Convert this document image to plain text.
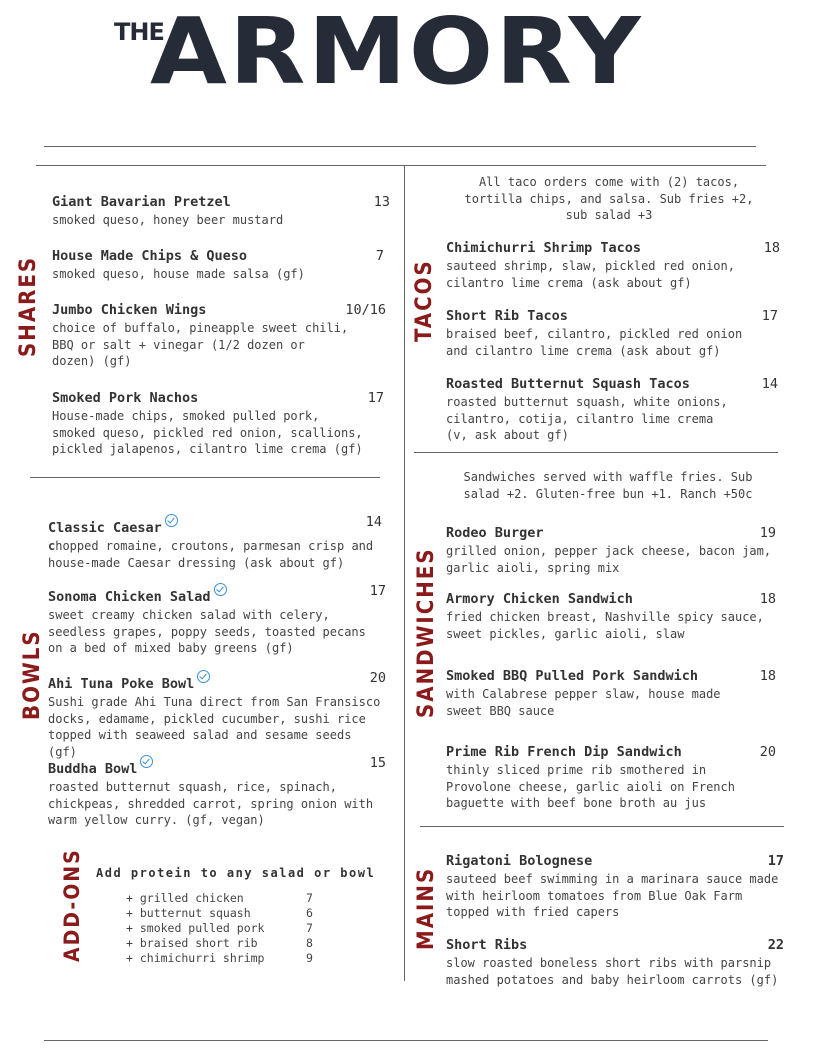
THE
ARMORY
SHARES
Giant Bavarian Pretzel	13
smoked queso, honey beer mustard
House Made Chips & Queso	7
smoked queso, house made salsa (gf)
Jumbo Chicken Wings	10/16
choice of buffalo, pineapple sweet chili, BBQ or salt + vinegar (1/2 dozen or dozen) (gf)
Smoked Pork Nachos	17
House-made chips, smoked pulled pork, smoked queso, pickled red onion, scallions, pickled jalapenos, cilantro lime crema (gf)
BOWLS
Classic Caesar	14
chopped romaine, croutons, parmesan crisp and house-made Caesar dressing (ask about gf)
Sonoma Chicken Salad	17
sweet creamy chicken salad with celery, seedless grapes, poppy seeds, toasted pecans on a bed of mixed baby greens (gf)
Ahi Tuna Poke Bowl	20
Sushi grade Ahi Tuna direct from San Fransisco docks, edamame, pickled cucumber, sushi rice topped with seaweed salad and sesame seeds (gf)
Buddha Bowl	15
roasted butternut squash, rice, spinach, chickpeas, shredded carrot, spring onion with warm yellow curry. (gf, vegan)
ADD-ONS Add protein to any salad or bowl
+ grilled chicken	7
+ butternut squash	6
+ smoked pulled pork	7
+ braised short rib	8
+ chimichurri shrimp	9
All taco orders come with (2) tacos, tortilla chips, and salsa. Sub fries +2, sub salad +3
TACOS
Chimichurri Shrimp Tacos	18
sauteed shrimp, slaw, pickled red onion, cilantro lime crema (ask about gf)
Short Rib Tacos	17
braised beef, cilantro, pickled red onion and cilantro lime crema (ask about gf)
Roasted Butternut Squash Tacos	14
roasted butternut squash, white onions, cilantro, cotija, cilantro lime crema (v, ask about gf)
Sandwiches served with waffle fries. Sub salad +2. Gluten-free bun +1. Ranch +50c
SANDWICHES
Rodeo Burger	19
grilled onion, pepper jack cheese, bacon jam, garlic aioli, spring mix
Armory Chicken Sandwich	18
fried chicken breast, Nashville spicy sauce, sweet pickles, garlic aioli, slaw
Smoked BBQ Pulled Pork Sandwich	18
with Calabrese pepper slaw, house made sweet BBQ sauce
Prime Rib French Dip Sandwich	20
thinly sliced prime rib smothered in Provolone cheese, garlic aioli on French baguette with beef bone broth au jus
MAINS
Rigatoni Bolognese	17
sauteed beef swimming in a marinara sauce made with heirloom tomatoes from Blue Oak Farm topped with fried capers
Short Ribs	22
slow roasted boneless short ribs with parsnip mashed potatoes and baby heirloom carrots (gf)
